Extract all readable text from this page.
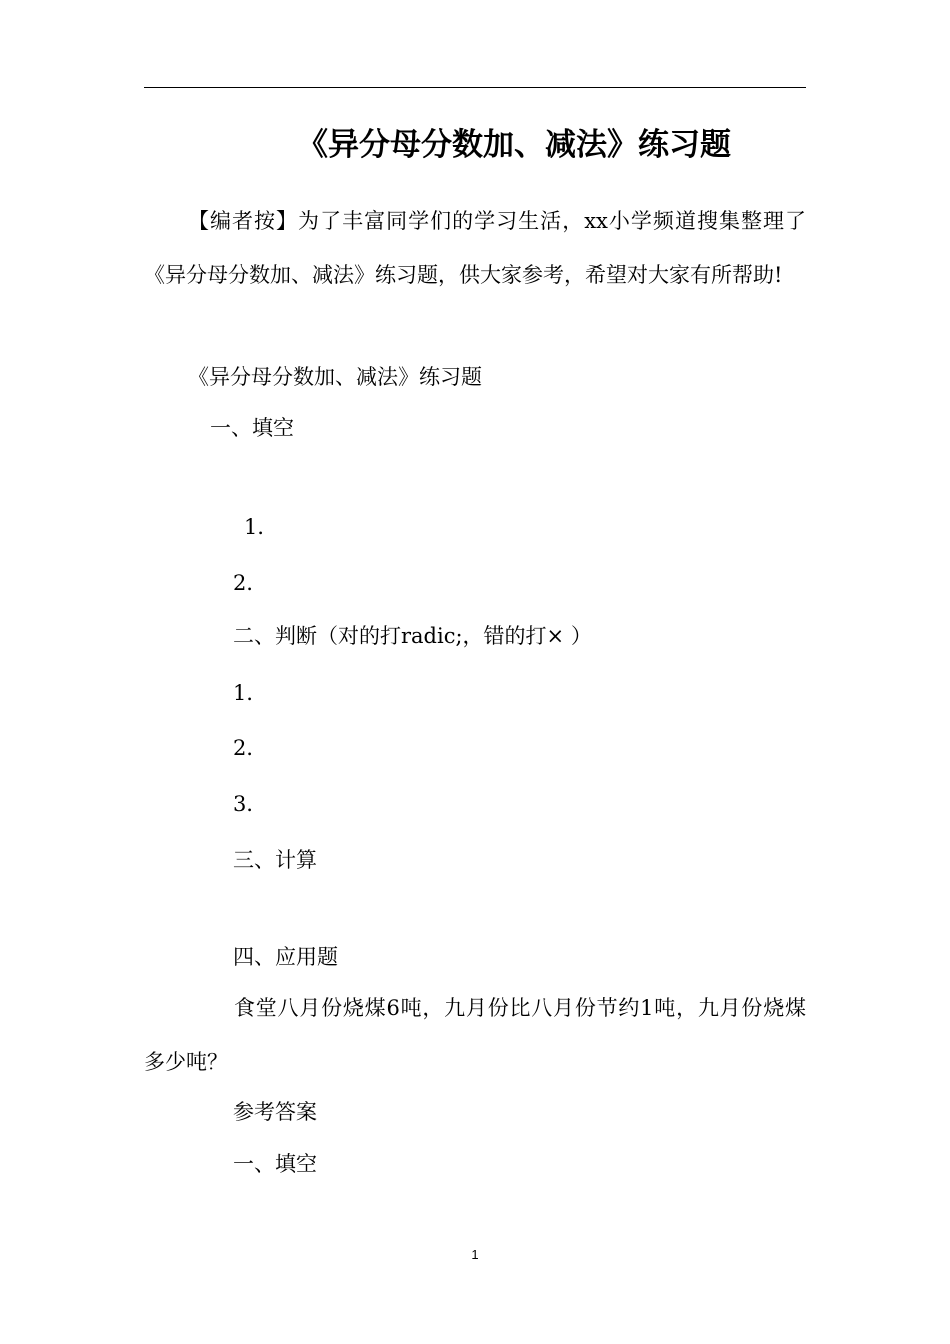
《异分母分数加、减法》练习题

【编者按】为了丰富同学们的学习生活，xx小学频道搜集整理了《异分母分数加、减法》练习题，供大家参考，希望对大家有所帮助!

《异分母分数加、减法》练习题

一、填空

1．

2．

二、判断（对的打radic;，错的打× ）

1．

2．

3．

三、计算

四、应用题

食堂八月份烧煤6吨，九月份比八月份节约1吨，九月份烧煤多少吨？

参考答案

一、填空

1
